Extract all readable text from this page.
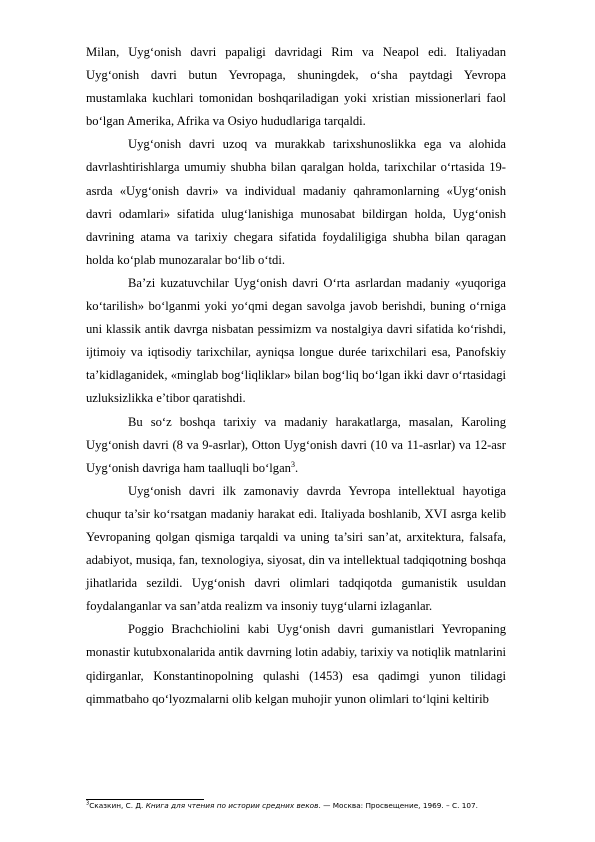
Milan, Uyg‘onish davri papaligi davridagi Rim va Neapol edi. Italiyadan Uyg‘onish davri butun Yevropaga, shuningdek, o‘sha paytdagi Yevropa mustamlaka kuchlari tomonidan boshqariladigan yoki xristian missionerlari faol bo‘lgan Amerika, Afrika va Osiyo hududlariga tarqaldi.

Uyg‘onish davri uzoq va murakkab tarixshunoslikka ega va alohida davrlashtirishlarga umumiy shubha bilan qaralgan holda, tarixchilar o‘rtasida 19-asrda «Uyg‘onish davri» va individual madaniy qahramonlarning «Uyg‘onish davri odamlari» sifatida ulug‘lanishiga munosabat bildirgan holda, Uyg‘onish davrining atama va tarixiy chegara sifatida foydaliligiga shubha bilan qaragan holda ko‘plab munozaralar bo‘lib o‘tdi.

Ba’zi kuzatuvchilar Uyg‘onish davri O‘rta asrlardan madaniy «yuqoriga ko‘tarilish» bo‘lganmi yoki yo‘qmi degan savolga javob berishdi, buning o‘rniga uni klassik antik davrga nisbatan pessimizm va nostalgiya davri sifatida ko‘rishdi, ijtimoiy va iqtisodiy tarixchilar, ayniqsa longue durée tarixchilari esa, Panofskiy ta’kidlaganidek, «minglab bog‘liqliklar» bilan bog‘liq bo‘lgan ikki davr o‘rtasidagi uzluksizlikka e’tibor qaratishdi.

Bu so‘z boshqa tarixiy va madaniy harakatlarga, masalan, Karoling Uyg‘onish davri (8 va 9-asrlar), Otton Uyg‘onish davri (10 va 11-asrlar) va 12-asr Uyg‘onish davriga ham taalluqli bo‘lgan$^3$.

Uyg‘onish davri ilk zamonaviy davrda Yevropa intellektual hayotiga chuqur ta’sir ko‘rsatgan madaniy harakat edi. Italiyada boshlanib, XVI asrga kelib Yevropaning qolgan qismiga tarqaldi va uning ta’siri san’at, arxitektura, falsafa, adabiyot, musiqa, fan, texnologiya, siyosat, din va intellektual tadqiqotning boshqa jihatlarida sezildi. Uyg‘onish davri olimlari tadqiqotda gumanistik usuldan foydalanganlar va san’atda realizm va insoniy tuyg‘ularni izlaganlar.

Poggio Brachchiolini kabi Uyg‘onish davri gumanistlari Yevropaning monastir kutubxonalarida antik davrning lotin adabiy, tarixiy va notiqlik matnlarini qidirganlar, Konstantinopolning qulashi (1453) esa qadimgi yunon tilidagi qimmatbaho qo‘lyozmalarni olib kelgan muhojir yunon olimlari to‘lqini keltirib

$^3$Сказкин, С. Д. Книга для чтения по истории средних веков. — Москва: Просвещение, 1969. – С. 107.
